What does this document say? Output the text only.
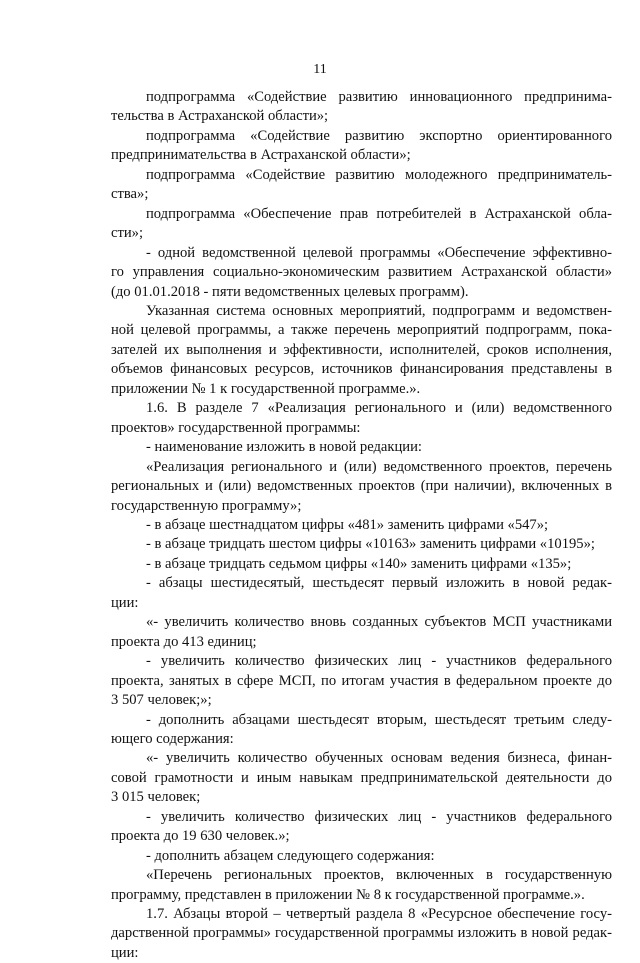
11
подпрограмма «Содействие развитию инновационного предпринима-
тельства в Астраханской области»;
подпрограмма «Содействие развитию экспортно ориентированного
предпринимательства в Астраханской области»;
подпрограмма «Содействие развитию молодежного предприниматель-
ства»;
подпрограмма «Обеспечение прав потребителей в Астраханской обла-
сти»;
- одной ведомственной целевой программы «Обеспечение эффективно-
го управления социально-экономическим развитием Астраханской области»
(до 01.01.2018 - пяти ведомственных целевых программ).
Указанная система основных мероприятий, подпрограмм и ведомствен-
ной целевой программы, а также перечень мероприятий подпрограмм, пока-
зателей их выполнения и эффективности, исполнителей, сроков исполнения,
объемов финансовых ресурсов, источников финансирования представлены в
приложении № 1 к государственной программе.».
1.6. В разделе 7 «Реализация регионального и (или) ведомственного
проектов» государственной программы:
- наименование изложить в новой редакции:
«Реализация регионального и (или) ведомственного проектов, перечень
региональных и (или) ведомственных проектов (при наличии), включенных в
государственную программу»;
- в абзаце шестнадцатом цифры «481» заменить цифрами «547»;
- в абзаце тридцать шестом цифры «10163» заменить цифрами «10195»;
- в абзаце тридцать седьмом цифры «140» заменить цифрами «135»;
- абзацы шестидесятый, шестьдесят первый изложить в новой редак-
ции:
«- увеличить количество вновь созданных субъектов МСП участниками
проекта до 413 единиц;
- увеличить количество физических лиц - участников федерального
проекта, занятых в сфере МСП, по итогам участия в федеральном проекте до
3 507 человек;»;
- дополнить абзацами шестьдесят вторым, шестьдесят третьим следу-
ющего содержания:
«- увеличить количество обученных основам ведения бизнеса, финан-
совой грамотности и иным навыкам предпринимательской деятельности до
3 015 человек;
- увеличить количество физических лиц - участников федерального
проекта до 19 630 человек.»;
- дополнить абзацем следующего содержания:
«Перечень региональных проектов, включенных в государственную
программу, представлен в приложении № 8 к государственной программе.».
1.7. Абзацы второй – четвертый раздела 8 «Ресурсное обеспечение госу-
дарственной программы» государственной программы изложить в новой редак-
ции:
